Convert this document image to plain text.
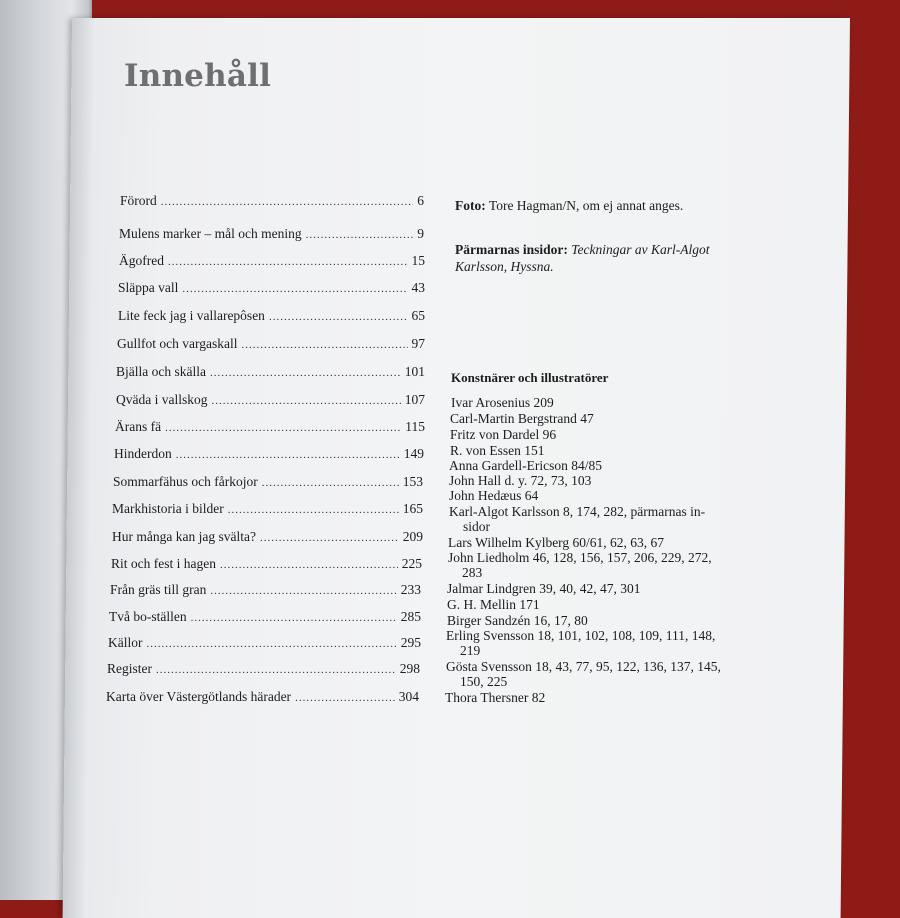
Innehåll
Förord .....	6
Mulens marker – mål och mening .....	9
Ägofred .....	15
Släppa vall .....	43
Lite feck jag i vallarepôsen .....	65
Gullfot och vargaskall .....	97
Bjälla och skälla .....	101
Qväda i vallskog .....	107
Ärans fä .....	115
Hinderdon .....	149
Sommarfähus och fårkojor .....	153
Markhistoria i bilder .....	165
Hur många kan jag svälta? .....	209
Rit och fest i hagen .....	225
Från gräs till gran .....	233
Två bo-ställen .....	285
Källor .....	295
Register .....	298
Karta över Västergötlands härader .....	304
Foto: Tore Hagman/N, om ej annat anges.
Pärmarnas insidor: Teckningar av Karl-Algot
Karlsson, Hyssna.
Konstnärer och illustratörer
Ivar Arosenius 209
Carl-Martin Bergstrand 47
Fritz von Dardel 96
R. von Essen 151
Anna Gardell-Ericson 84/85
John Hall d. y. 72, 73, 103
John Hedæus 64
Karl-Algot Karlsson 8, 174, 282, pärmarnas in-
sidor
Lars Wilhelm Kylberg 60/61, 62, 63, 67
John Liedholm 46, 128, 156, 157, 206, 229, 272,
283
Jalmar Lindgren 39, 40, 42, 47, 301
G. H. Mellin 171
Birger Sandzén 16, 17, 80
Erling Svensson 18, 101, 102, 108, 109, 111, 148,
219
Gösta Svensson 18, 43, 77, 95, 122, 136, 137, 145,
150, 225
Thora Thersner 82
